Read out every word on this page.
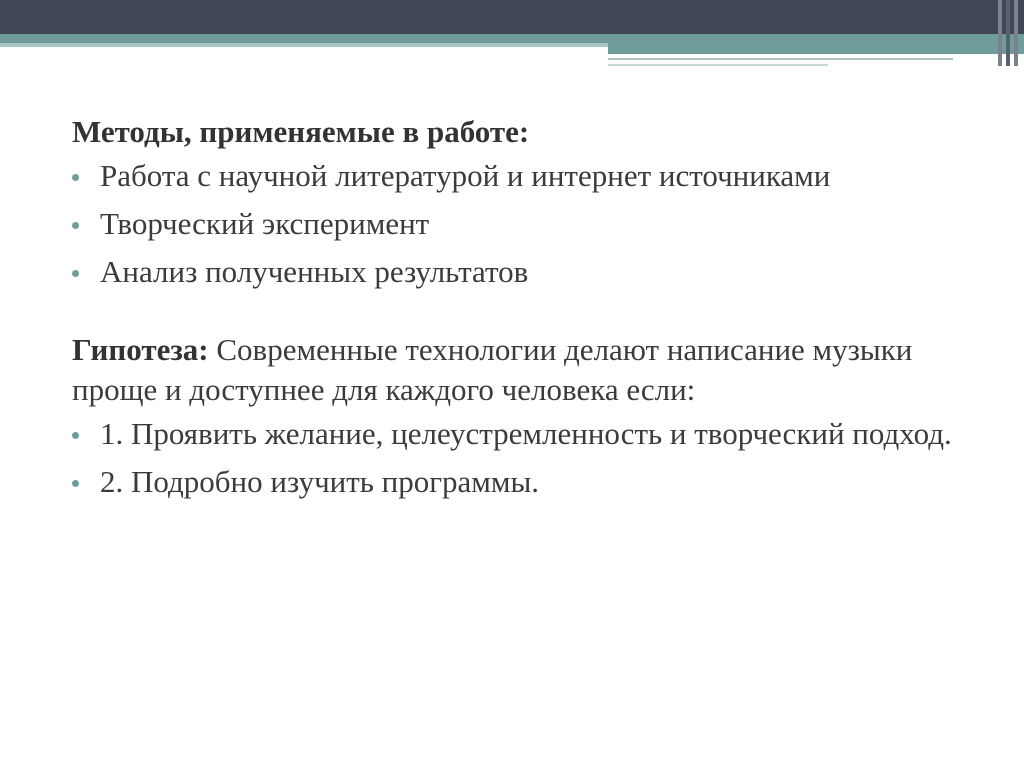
Методы, применяемые в работе:
Работа с научной литературой и интернет источниками
Творческий эксперимент
Анализ полученных результатов

Гипотеза: Современные технологии делают написание музыки проще и доступнее для каждого человека если:

1. Проявить желание, целеустремленность и творческий подход.
2. Подробно изучить программы.
